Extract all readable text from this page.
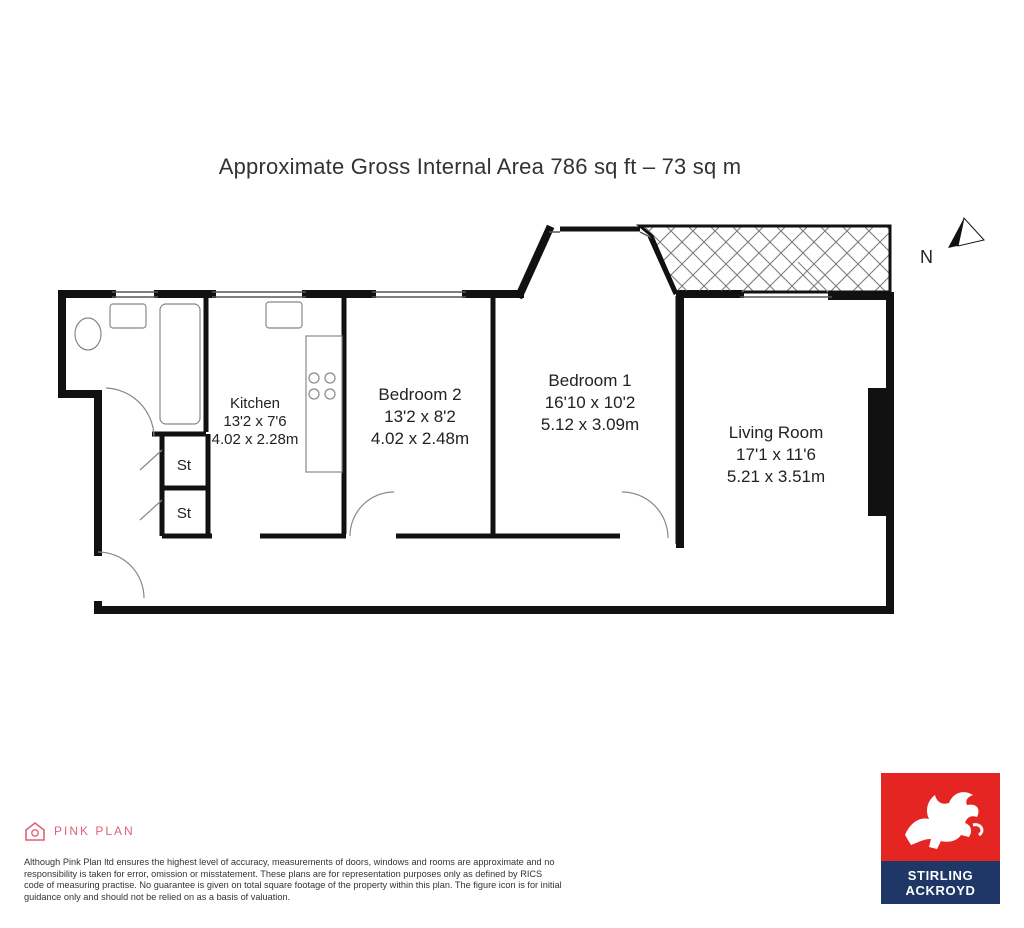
Approximate Gross Internal Area 786 sq ft – 73 sq m
N
Kitchen
13'2 x 7'6
4.02 x 2.28m
Bedroom 2
13'2 x 8'2
4.02 x 2.48m
Bedroom 1
16'10 x 10'2
5.12 x 3.09m	Living Room
17'1 x 11'6
5.21 x 3.51m
St
St
PINK PLAN
Although Pink Plan ltd ensures the highest level of accuracy, measurements of doors, windows and rooms are approximate and no responsibility is taken for error, omission or misstatement. These plans are for representation purposes only as defined by RICS code of measuring practise. No guarantee is given on total square footage of the property within this plan. The figure icon is for initial guidance only and should not be relied on as a basis of valuation.
STIRLING
ACKROYD
